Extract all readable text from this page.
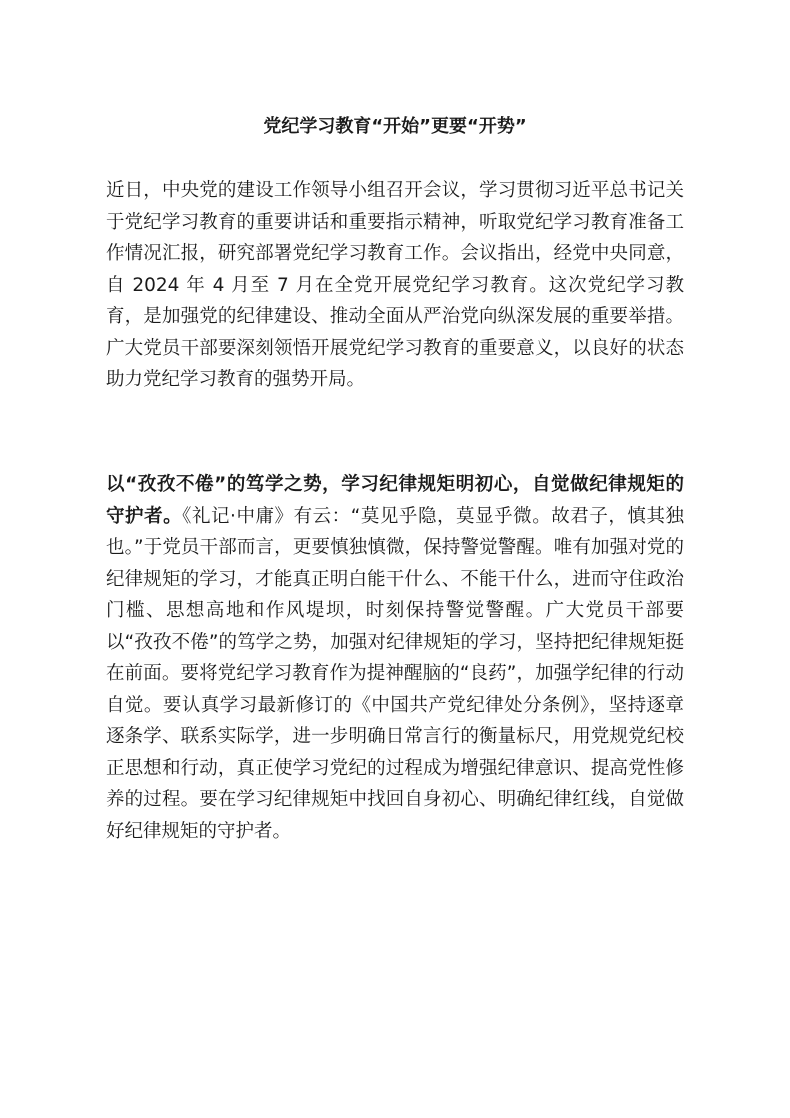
党纪学习教育“开始”更要“开势”

近日，中央党的建设工作领导小组召开会议，学习贯彻习近平总书记关于党纪学习教育的重要讲话和重要指示精神，听取党纪学习教育准备工作情况汇报，研究部署党纪学习教育工作。会议指出，经党中央同意，自 2024 年 4 月至 7 月在全党开展党纪学习教育。这次党纪学习教育，是加强党的纪律建设、推动全面从严治党向纵深发展的重要举措。广大党员干部要深刻领悟开展党纪学习教育的重要意义，以良好的状态助力党纪学习教育的强势开局。

以“孜孜不倦”的笃学之势，学习纪律规矩明初心，自觉做纪律规矩的守护者。《礼记·中庸》有云：“莫见乎隐，莫显乎微。故君子，慎其独也。”于党员干部而言，更要慎独慎微，保持警觉警醒。唯有加强对党的纪律规矩的学习，才能真正明白能干什么、不能干什么，进而守住政治门槛、思想高地和作风堤坝，时刻保持警觉警醒。广大党员干部要以“孜孜不倦”的笃学之势，加强对纪律规矩的学习，坚持把纪律规矩挺在前面。要将党纪学习教育作为提神醒脑的“良药”，加强学纪律的行动自觉。要认真学习最新修订的《中国共产党纪律处分条例》，坚持逐章逐条学、联系实际学，进一步明确日常言行的衡量标尺，用党规党纪校正思想和行动，真正使学习党纪的过程成为增强纪律意识、提高党性修养的过程。要在学习纪律规矩中找回自身初心、明确纪律红线，自觉做好纪律规矩的守护者。
